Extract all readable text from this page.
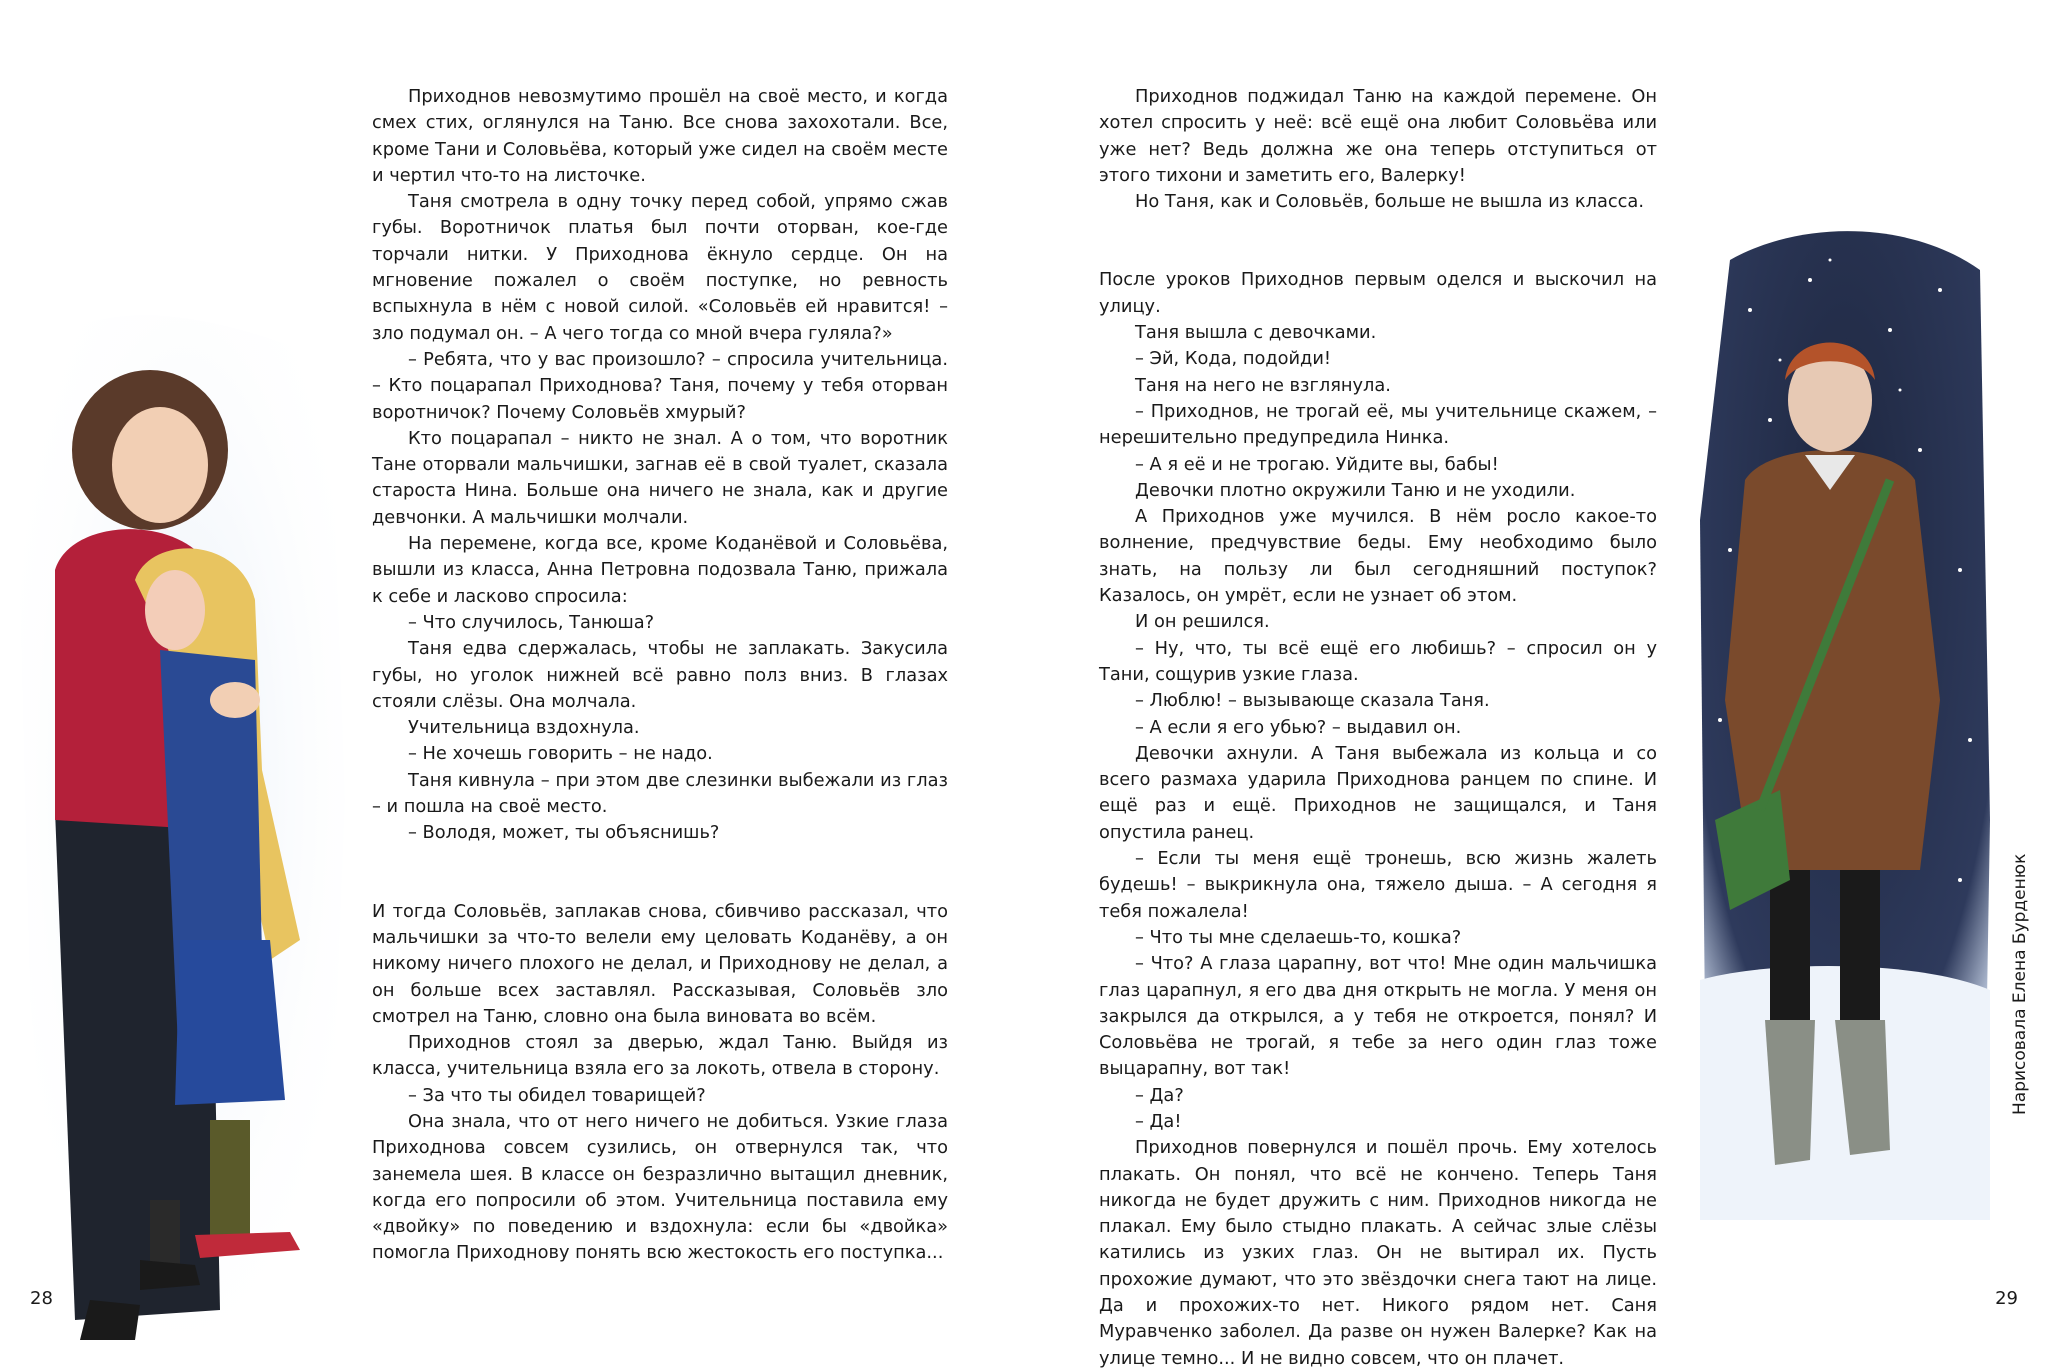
Приходнов невозмутимо прошёл на своё место, и когда смех стих, оглянулся на Таню. Все снова захохотали. Все, кроме Тани и Соловьёва, который уже сидел на своём месте и чертил что-то на листочке.

Таня смотрела в одну точку перед собой, упрямо сжав губы. Воротничок платья был почти оторван, кое-где торчали нитки. У Приходнова ёкнуло сердце. Он на мгновение пожалел о своём поступке, но ревность вспыхнула в нём с новой силой. «Соловьёв ей нравится! – зло подумал он. – А чего тогда со мной вчера гуляла?»

– Ребята, что у вас произошло? – спросила учительница. – Кто поцарапал Приходнова? Таня, почему у тебя оторван воротничок? Почему Соловьёв хмурый?

Кто поцарапал – никто не знал. А о том, что воротник Тане оторвали мальчишки, загнав её в свой туалет, сказала староста Нина. Больше она ничего не знала, как и другие девчонки. А мальчишки молчали.

На перемене, когда все, кроме Коданёвой и Соловьёва, вышли из класса, Анна Петровна подозвала Таню, прижала к себе и ласково спросила:

– Что случилось, Танюша?

Таня едва сдержалась, чтобы не заплакать. Закусила губы, но уголок нижней всё равно полз вниз. В глазах стояли слёзы. Она молчала.

Учительница вздохнула.

– Не хочешь говорить – не надо.

Таня кивнула – при этом две слезинки выбежали из глаз – и пошла на своё место.

– Володя, может, ты объяснишь?

И тогда Соловьёв, заплакав снова, сбивчиво рассказал, что мальчишки за что-то велели ему целовать Коданёву, а он никому ничего плохого не делал, и Приходнову не делал, а он больше всех заставлял. Рассказывая, Соловьёв зло смотрел на Таню, словно она была виновата во всём.

Приходнов стоял за дверью, ждал Таню. Выйдя из класса, учительница взяла его за локоть, отвела в сторону.

– За что ты обидел товарищей?

Она знала, что от него ничего не добиться. Узкие глаза Приходнова совсем сузились, он отвернулся так, что занемела шея. В классе он безразлично вытащил дневник, когда его попросили об этом. Учительница поставила ему «двойку» по поведению и вздохнула: если бы «двойка» помогла Приходнову понять всю жестокость его поступка...

28

Приходнов поджидал Таню на каждой перемене. Он хотел спросить у неё: всё ещё она любит Соловьёва или уже нет? Ведь должна же она теперь отступиться от этого тихони и заметить его, Валерку!

Но Таня, как и Соловьёв, больше не вышла из класса.

После уроков Приходнов первым оделся и выскочил на улицу.

Таня вышла с девочками.

– Эй, Кода, подойди!

Таня на него не взглянула.

– Приходнов, не трогай её, мы учительнице скажем, – нерешительно предупредила Нинка.

– А я её и не трогаю. Уйдите вы, бабы!

Девочки плотно окружили Таню и не уходили.

А Приходнов уже мучился. В нём росло какое-то волнение, предчувствие беды. Ему необходимо было знать, на пользу ли был сегодняшний поступок? Казалось, он умрёт, если не узнает об этом.

И он решился.

– Ну, что, ты всё ещё его любишь? – спросил он у Тани, сощурив узкие глаза.

– Люблю! – вызывающе сказала Таня.

– А если я его убью? – выдавил он.

Девочки ахнули. А Таня выбежала из кольца и со всего размаха ударила Приходнова ранцем по спине. И ещё раз и ещё. Приходнов не защищался, и Таня опустила ранец.

– Если ты меня ещё тронешь, всю жизнь жалеть будешь! – выкрикнула она, тяжело дыша. – А сегодня я тебя пожалела!

– Что ты мне сделаешь-то, кошка?

– Что? А глаза царапну, вот что! Мне один мальчишка глаз царапнул, я его два дня открыть не могла. У меня он закрылся да открылся, а у тебя не откроется, понял? И Соловьёва не трогай, я тебе за него один глаз тоже выцарапну, вот так!

– Да?

– Да!

Приходнов повернулся и пошёл прочь. Ему хотелось плакать. Он понял, что всё не кончено. Теперь Таня никогда не будет дружить с ним. Приходнов никогда не плакал. Ему было стыдно плакать. А сейчас злые слёзы катились из узких глаз. Он не вытирал их. Пусть прохожие думают, что это звёздочки снега тают на лице. Да и прохожих-то нет. Никого рядом нет. Саня Муравченко заболел. Да разве он нужен Валерке? Как на улице темно... И не видно совсем, что он плачет.

Нарисовала Елена Бурденюк
29
